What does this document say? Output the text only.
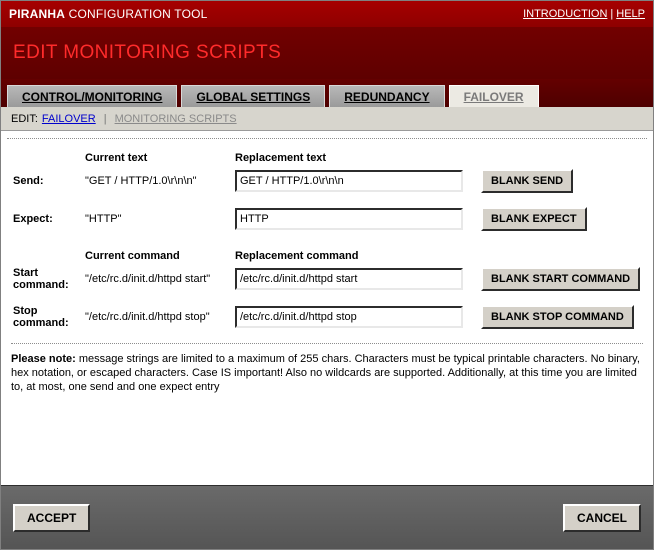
PIRANHA CONFIGURATION TOOL	INTRODUCTION | HELP
EDIT MONITORING SCRIPTS
CONTROL/MONITORING	GLOBAL SETTINGS	REDUNDANCY	FAILOVER
EDIT: FAILOVER | MONITORING SCRIPTS
	Current text	Replacement text	
Send:	"GET / HTTP/1.0\r\n\n"	GET / HTTP/1.0\r\n\n	BLANK SEND

Expect:	"HTTP"	HTTP	BLANK EXPECT

	Current command	Replacement command	
Start command:	"/etc/rc.d/init.d/httpd start"	/etc/rc.d/init.d/httpd start	BLANK START COMMAND

Stop command:	"/etc/rc.d/init.d/httpd stop"	/etc/rc.d/init.d/httpd stop	BLANK STOP COMMAND
Please note: message strings are limited to a maximum of 255 chars. Characters must be typical printable characters. No binary, hex notation, or escaped characters. Case IS important! Also no wildcards are supported. Additionally, at this time you are limited to, at most, one send and one expect entry
ACCEPT	CANCEL
